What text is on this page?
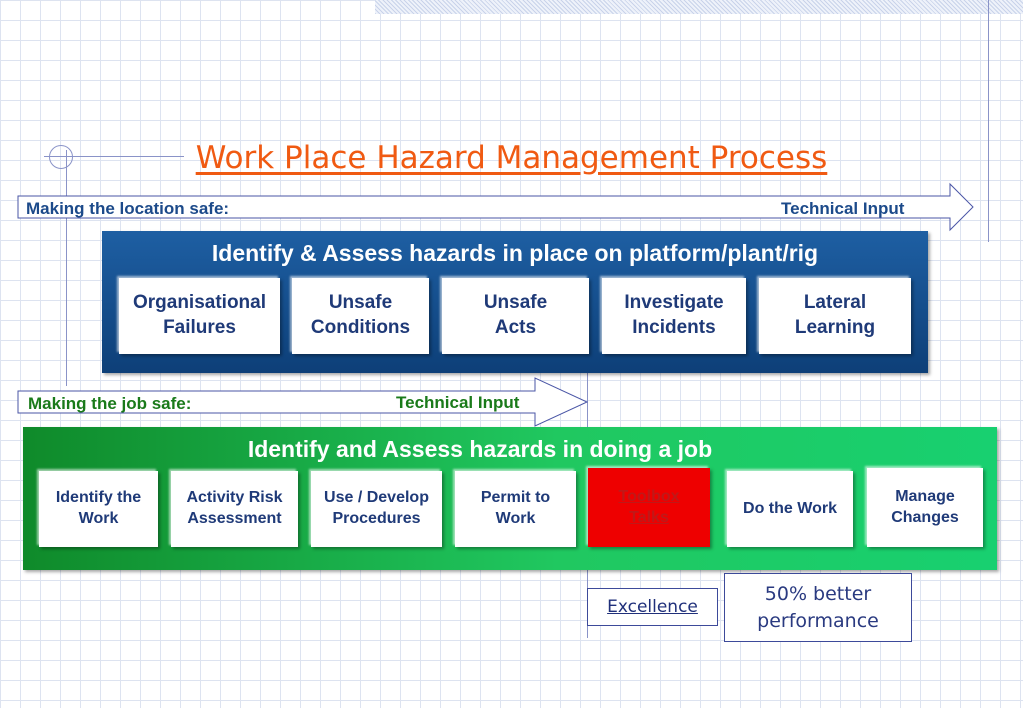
Work Place Hazard Management Process
Making the location safe:	Technical Input
Identify & Assess hazards in place on platform/plant/rig
Organisational
Failures
Unsafe
Conditions
Unsafe
Acts
Investigate
Incidents
Lateral
Learning
Making the job safe:	Technical Input
Identify and Assess hazards in doing a job
Identify the
Work
Activity Risk
Assessment
Use / Develop
Procedures
Permit to
Work
Toolbox
Talks
Do the Work
Manage
Changes
Excellence
50% better
performance
